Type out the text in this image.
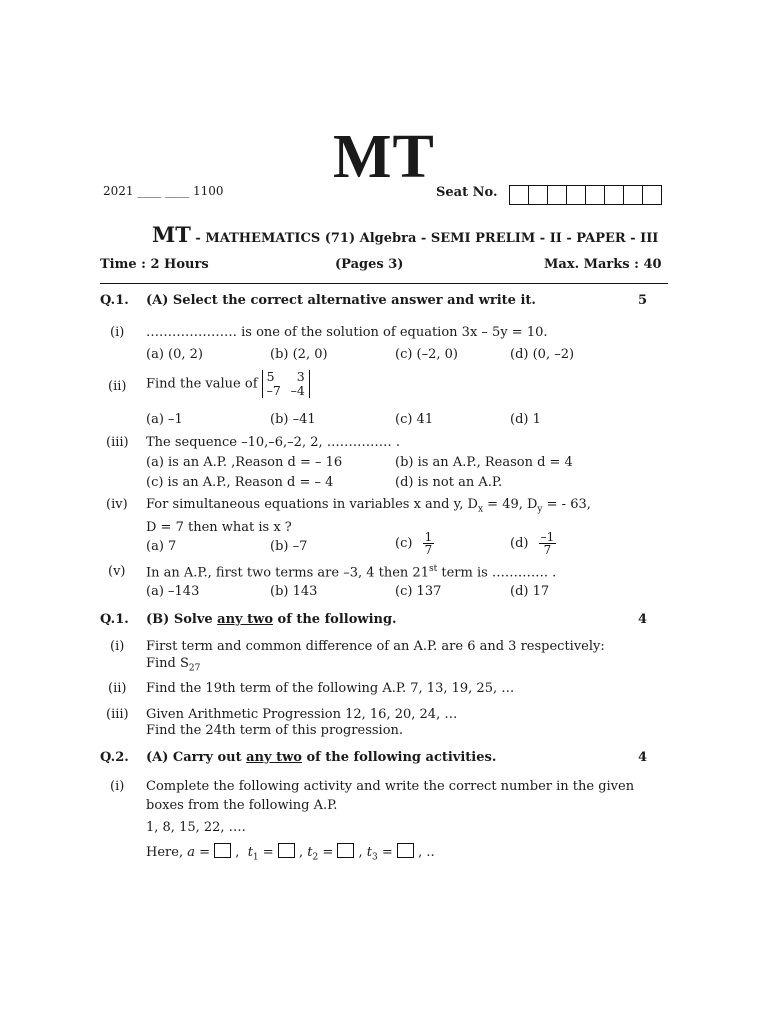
MT
2021 ____ ____ 1100	Seat No.
MT - MATHEMATICS (71) Algebra - SEMI PRELIM - II - PAPER - III
Time : 2 Hours	(Pages 3)	Max. Marks : 40
Q.1. (A) Select the correct alternative answer and write it.	5
(i) ………………… is one of the solution of equation 3x – 5y = 10.
(a) (0, 2)	(b) (2, 0)	(c) (–2, 0)	(d) (0, –2)
(ii) Find the value of 5	3
–7 –4
(a) –1	(b) –41	(c) 41	(d) 1
(iii) The sequence –10,–6,–2, 2, …………… .
(a) is an A.P. ,Reason d = – 16	(b) is an A.P., Reason d = 4
(c) is an A.P., Reason d = – 4	(d) is not an A.P.
(iv) For simultaneous equations in variables x and y, $D_x = 49$, $D_y$ = - 63,
D = 7 then what is x ?
(a) 7	(b) –7	$(c) \frac{1}{7}$	$(d) \frac{-1}{7}$
(v) In an A.P., first two terms are –3, 4 then 21st term is …………. .
(a) –143	(b) 143	(c) 137	(d) 17
Q.1. (B) Solve any two of the following.	4
(i) First term and common difference of an A.P. are 6 and 3 respectively:
Find $S_{27}$
(ii) Find the 19th term of the following A.P. 7, 13, 19, 25, …
(iii) Given Arithmetic Progression 12, 16, 20, 24, …
Find the 24th term of this progression.
Q.2. (A) Carry out any two of the following activities.	4
(i) Complete the following activity and write the correct number in the given
boxes from the following A.P.
1, 8, 15, 22, ….
Here, a =  ,  $t_1$ =  , $t_2$ =  , $t_3$ =  , ..
